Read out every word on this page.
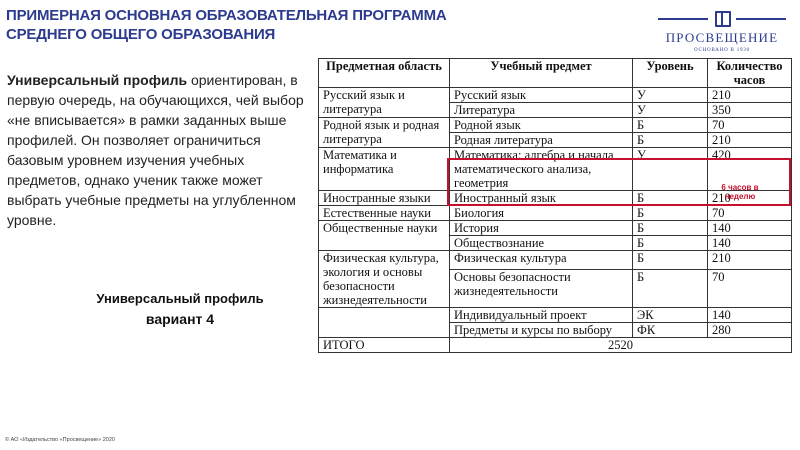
ПРИМЕРНАЯ ОСНОВНАЯ ОБРАЗОВАТЕЛЬНАЯ ПРОГРАММА
СРЕДНЕГО ОБЩЕГО ОБРАЗОВАНИЯ	ПРОСВЕЩЕНИЕ
ОСНОВАНО В 1930
Универсальный профиль ориентирован, в первую очередь, на обучающихся, чей выбор «не вписывается» в рамки заданных выше профилей. Он позволяет ограничиться базовым уровнем изучения учебных предметов, однако ученик также может выбрать учебные предметы на углубленном уровне.
Универсальный профиль
вариант 4
Предметная область	Учебный предмет	Уровень	Количество часов
Русский язык и литература	Русский язык	У	210
	Литература	У	350
Родной язык и родная литература	Родной язык	Б	70
	Родная литература	Б	210
Математика и информатика	Математика: алгебра и начала математического анализа, геометрия	У	420
Иностранные языки	Иностранный язык	Б	210
Естественные науки	Биология	Б	70
Общественные науки	История	Б	140
	Обществознание	Б	140
Физическая культура, экология и основы безопасности жизнедеятельности	Физическая культура	Б	210
	Основы безопасности жизнедеятельности	Б	70
	Индивидуальный проект	ЭК	140
	Предметы и курсы по выбору	ФК	280
ИТОГО	2520		
6 часов в неделю
© АО «Издательство «Просвещение» 2020
